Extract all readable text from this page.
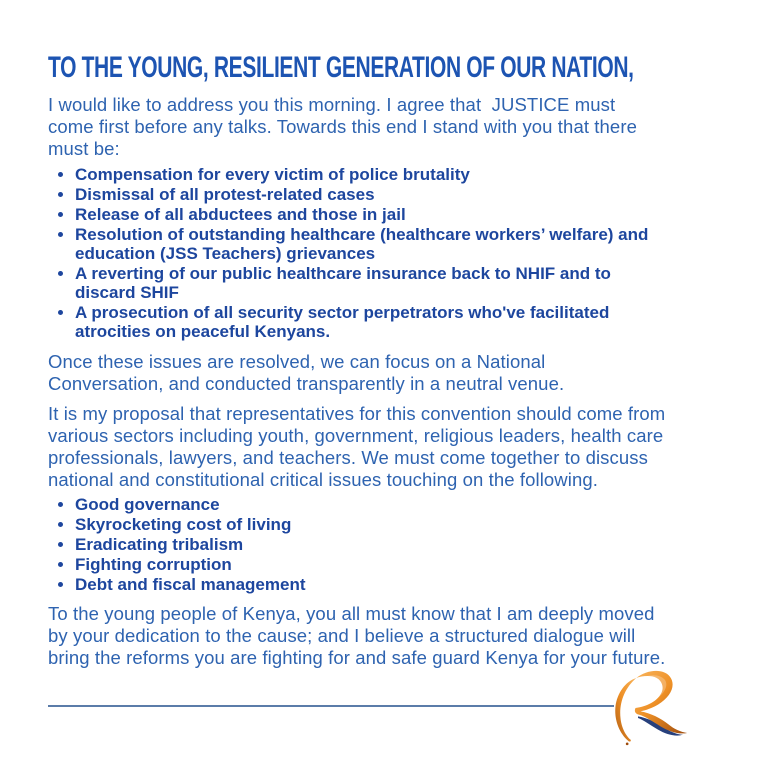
TO THE YOUNG, RESILIENT GENERATION OF OUR NATION,

I would like to address you this morning. I agree that  JUSTICE must come first before any talks. Towards this end I stand with you that there must be:

Compensation for every victim of police brutality
Dismissal of all protest-related cases
Release of all abductees and those in jail
Resolution of outstanding healthcare (healthcare workers’ welfare) and education (JSS Teachers) grievances
A reverting of our public healthcare insurance back to NHIF and to discard SHIF
A prosecution of all security sector perpetrators who've facilitated atrocities on peaceful Kenyans.

Once these issues are resolved, we can focus on a National Conversation, and conducted transparently in a neutral venue.

It is my proposal that representatives for this convention should come from various sectors including youth, government, religious leaders, health care professionals, lawyers, and teachers. We must come together to discuss national and constitutional critical issues touching on the following.

Good governance
Skyrocketing cost of living
Eradicating tribalism
Fighting corruption
Debt and fiscal management

To the young people of Kenya, you all must know that I am deeply moved by your dedication to the cause; and I believe a structured dialogue will bring the reforms you are fighting for and safe guard Kenya for your future.
